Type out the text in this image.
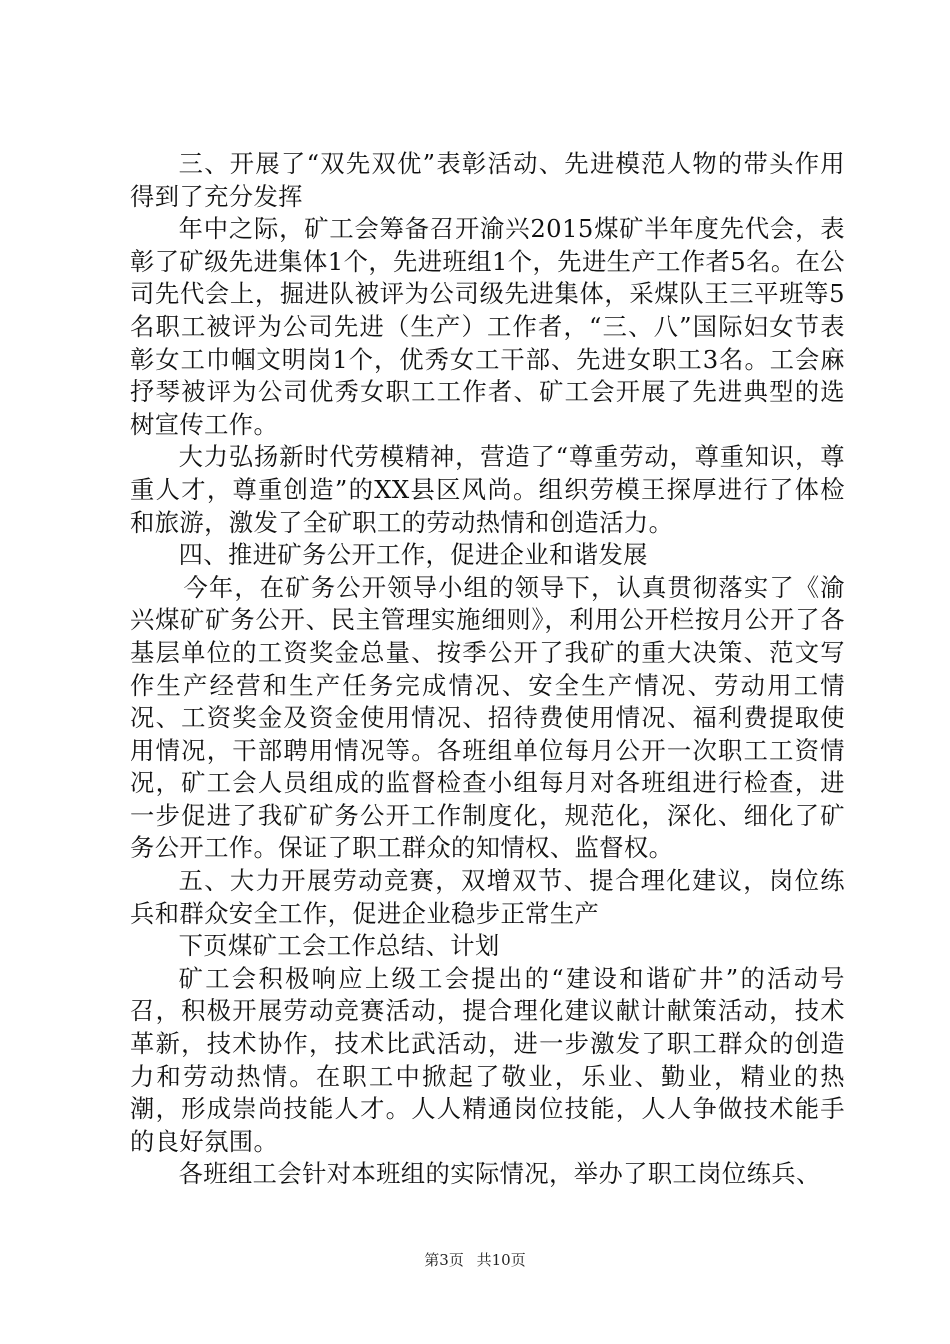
三、开展了“双先双优”表彰活动、先进模范人物的带头作用得到了充分发挥

年中之际，矿工会筹备召开渝兴2015煤矿半年度先代会，表彰了矿级先进集体1个，先进班组1个，先进生产工作者5名。在公司先代会上，掘进队被评为公司级先进集体，采煤队王三平班等5名职工被评为公司先进（生产）工作者，“三、八”国际妇女节表彰女工巾帼文明岗1个，优秀女工干部、先进女职工3名。工会麻抒琴被评为公司优秀女职工工作者、矿工会开展了先进典型的选树宣传工作。

大力弘扬新时代劳模精神，营造了“尊重劳动，尊重知识，尊重人才，尊重创造”的XX县区风尚。组织劳模王探厚进行了体检和旅游，激发了全矿职工的劳动热情和创造活力。

四、推进矿务公开工作，促进企业和谐发展

今年，在矿务公开领导小组的领导下，认真贯彻落实了《渝兴煤矿矿务公开、民主管理实施细则》，利用公开栏按月公开了各基层单位的工资奖金总量、按季公开了我矿的重大决策、范文写作生产经营和生产任务完成情况、安全生产情况、劳动用工情况、工资奖金及资金使用情况、招待费使用情况、福利费提取使用情况，干部聘用情况等。各班组单位每月公开一次职工工资情况，矿工会人员组成的监督检查小组每月对各班组进行检查，进一步促进了我矿矿务公开工作制度化，规范化，深化、细化了矿务公开工作。保证了职工群众的知情权、监督权。

五、大力开展劳动竞赛，双增双节、提合理化建议，岗位练兵和群众安全工作，促进企业稳步正常生产

下页煤矿工会工作总结、计划

矿工会积极响应上级工会提出的“建设和谐矿井”的活动号召，积极开展劳动竞赛活动，提合理化建议献计献策活动，技术革新，技术协作，技术比武活动，进一步激发了职工群众的创造力和劳动热情。在职工中掀起了敬业，乐业、勤业，精业的热潮，形成崇尚技能人才。人人精通岗位技能，人人争做技术能手的良好氛围。

各班组工会针对本班组的实际情况，举办了职工岗位练兵、

第3页 共10页
